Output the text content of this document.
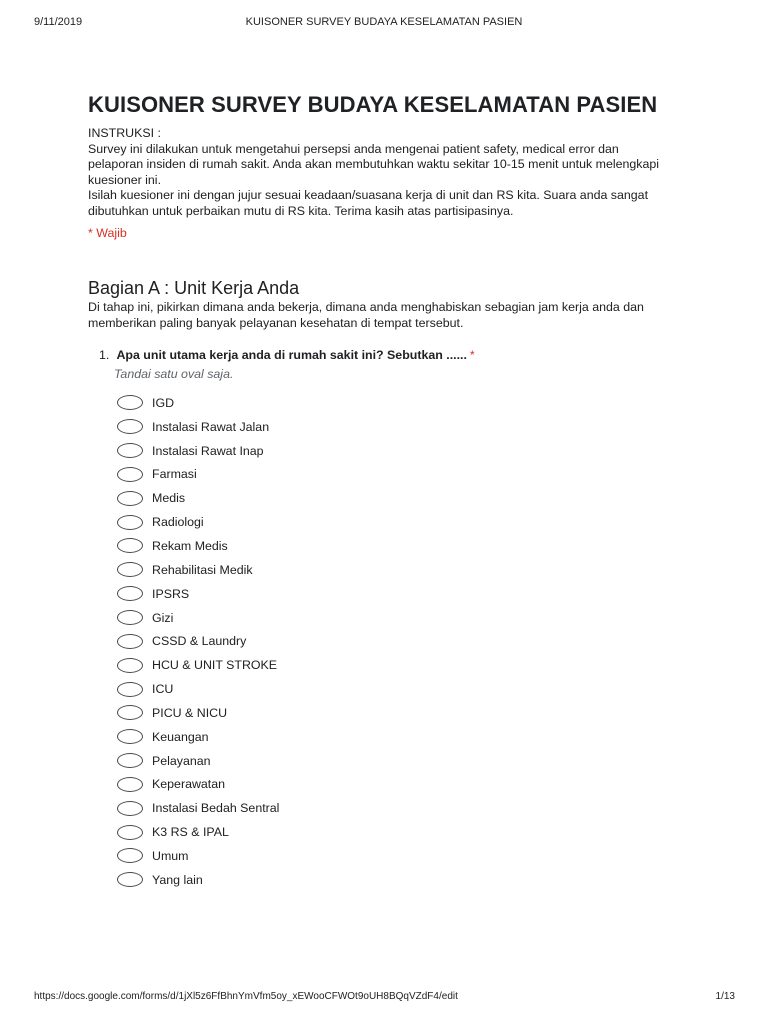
9/11/2019	KUISONER SURVEY BUDAYA KESELAMATAN PASIEN
KUISONER SURVEY BUDAYA KESELAMATAN PASIEN

INSTRUKSI :

Survey ini dilakukan untuk mengetahui persepsi anda mengenai patient safety, medical error dan pelaporan insiden di rumah sakit. Anda akan membutuhkan waktu sekitar 10-15 menit untuk melengkapi kuesioner ini.

Isilah kuesioner ini dengan jujur sesuai keadaan/suasana kerja di unit dan RS kita. Suara anda sangat dibutuhkan untuk perbaikan mutu di RS kita. Terima kasih atas partisipasinya.

* Wajib
Bagian A : Unit Kerja Anda
Di tahap ini, pikirkan dimana anda bekerja, dimana anda menghabiskan sebagian jam kerja anda dan memberikan paling banyak pelayanan kesehatan di tempat tersebut.
1. Apa unit utama kerja anda di rumah sakit ini? Sebutkan ...... *
Tandai satu oval saja.
IGD
Instalasi Rawat Jalan
Instalasi Rawat Inap
Farmasi
Medis
Radiologi
Rekam Medis
Rehabilitasi Medik
IPSRS
Gizi
CSSD & Laundry
HCU & UNIT STROKE
ICU
PICU & NICU
Keuangan
Pelayanan
Keperawatan
Instalasi Bedah Sentral
K3 RS & IPAL
Umum
Yang lain
https://docs.google.com/forms/d/1jXl5z6FfBhnYmVfm5oy_xEWooCFWOt9oUH8BQqVZdF4/edit	1/13
